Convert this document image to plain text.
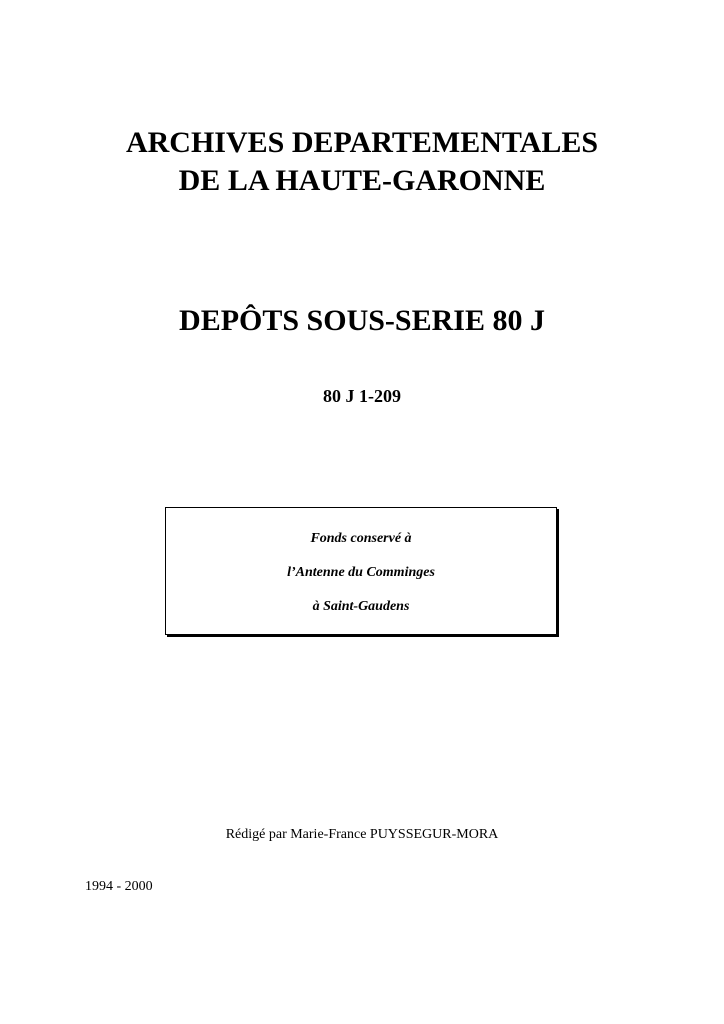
ARCHIVES DEPARTEMENTALES
DE LA HAUTE-GARONNE
DEPÔTS SOUS-SERIE 80 J
80 J 1-209
Fonds conservé à
l’Antenne du Comminges
à Saint-Gaudens
Rédigé par Marie-France PUYSSEGUR-MORA
1994 - 2000
